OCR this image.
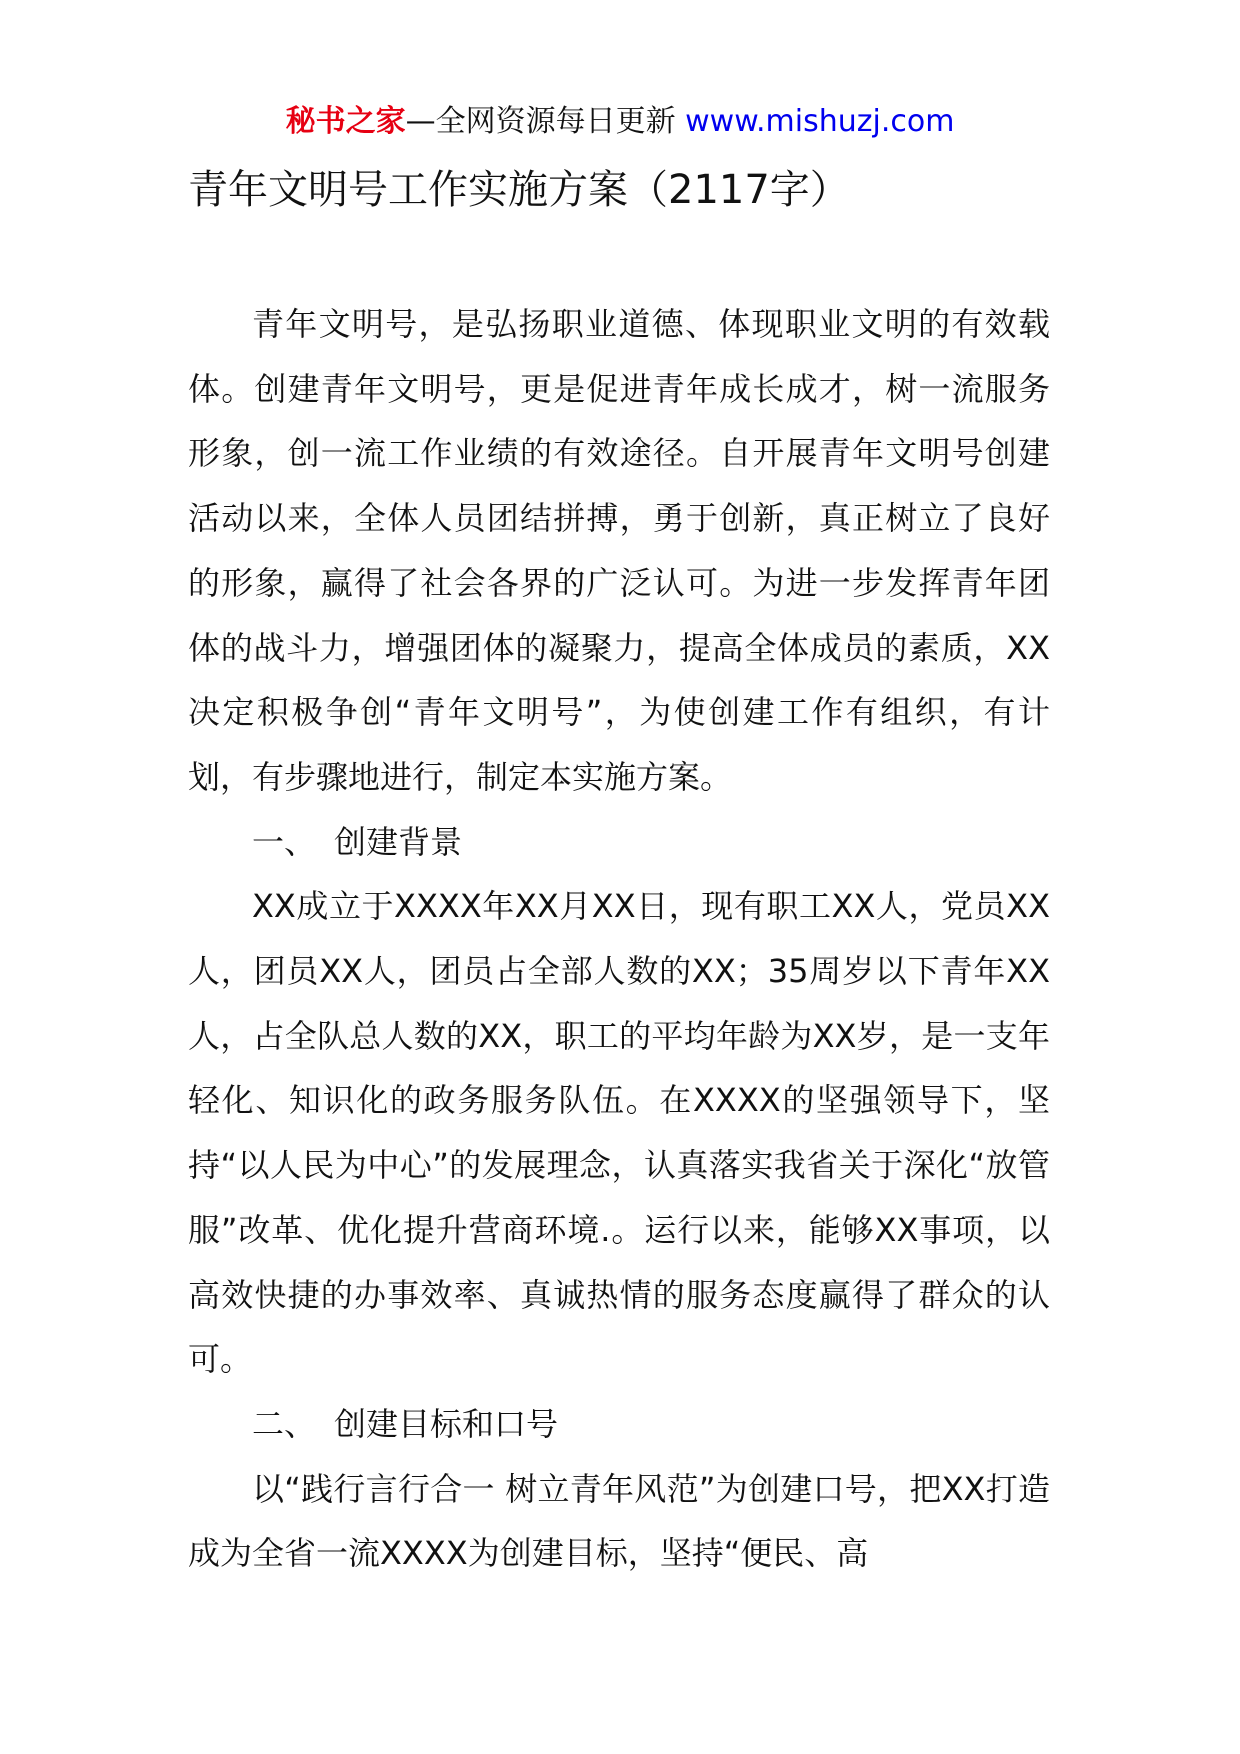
秘书之家—全网资源每日更新 www.mishuzj.com
青年文明号工作实施方案（2117字）

青年文明号，是弘扬职业道德、体现职业文明的有效载体。创建青年文明号，更是促进青年成长成才，树一流服务形象，创一流工作业绩的有效途径。自开展青年文明号创建活动以来，全体人员团结拼搏，勇于创新，真正树立了良好的形象，赢得了社会各界的广泛认可。为进一步发挥青年团体的战斗力，增强团体的凝聚力，提高全体成员的素质，XX决定积极争创“青年文明号”，为使创建工作有组织，有计划，有步骤地进行，制定本实施方案。

一、 创建背景

XX成立于XXXX年XX月XX日，现有职工XX人，党员XX人，团员XX人，团员占全部人数的XX；35周岁以下青年XX人，占全队总人数的XX，职工的平均年龄为XX岁，是一支年轻化、知识化的政务服务队伍。在XXXX的坚强领导下，坚持“以人民为中心”的发展理念，认真落实我省关于深化“放管服”改革、优化提升营商环境.。运行以来，能够XX事项，以高效快捷的办事效率、真诚热情的服务态度赢得了群众的认可。

二、 创建目标和口号

以“践行言行合一 树立青年风范”为创建口号，把XX打造成为全省一流XXXX为创建目标，坚持“便民、高
